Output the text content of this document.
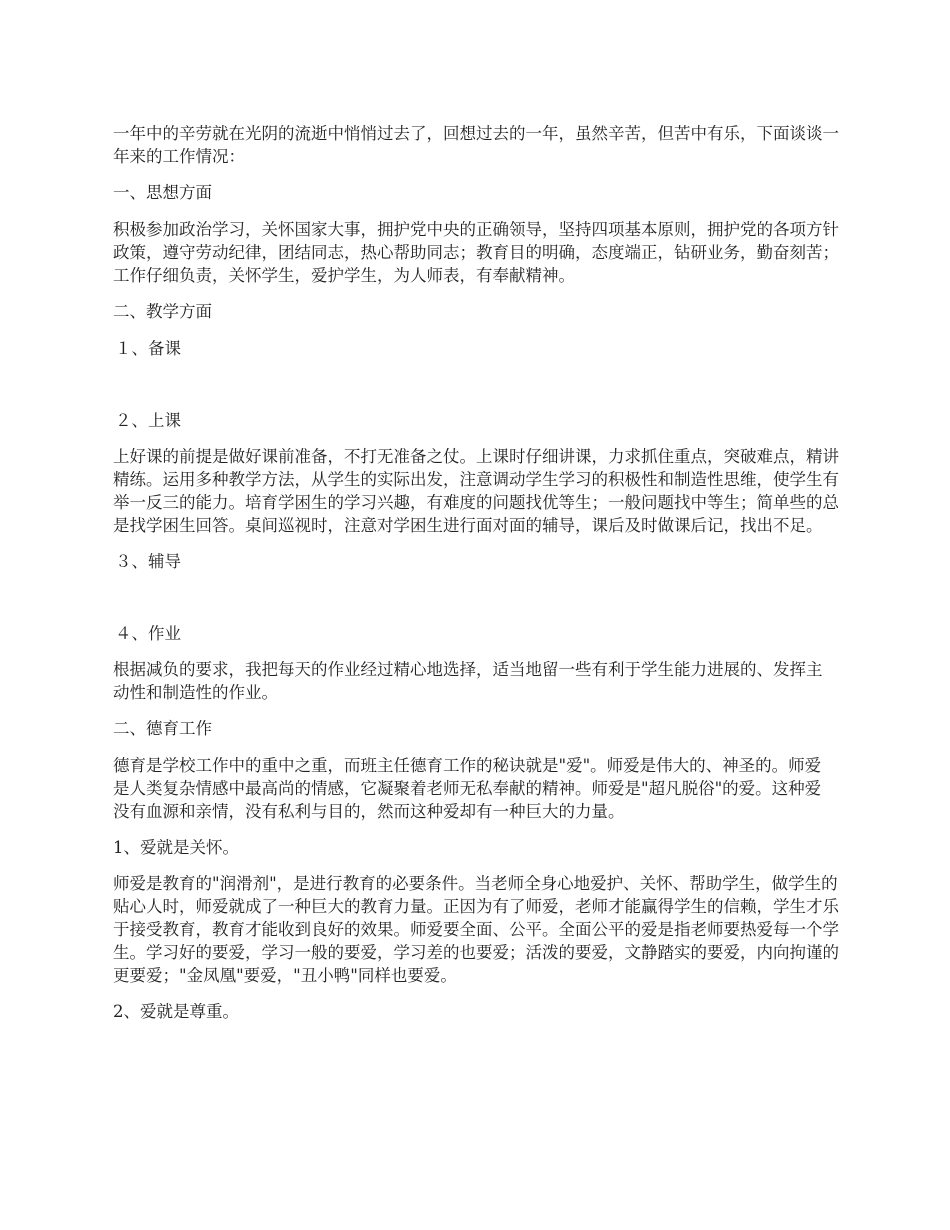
一年中的辛劳就在光阴的流逝中悄悄过去了，回想过去的一年，虽然辛苦，但苦中有乐，下面谈谈一年来的工作情况：

一、思想方面

积极参加政治学习，关怀国家大事，拥护党中央的正确领导，坚持四项基本原则，拥护党的各项方针政策，遵守劳动纪律，团结同志，热心帮助同志；教育目的明确，态度端正，钻研业务，勤奋刻苦；工作仔细负责，关怀学生，爱护学生，为人师表，有奉献精神。

二、教学方面

１、备课

２、上课

上好课的前提是做好课前准备，不打无准备之仗。上课时仔细讲课，力求抓住重点，突破难点，精讲精练。运用多种教学方法，从学生的实际出发，注意调动学生学习的积极性和制造性思维，使学生有举一反三的能力。培育学困生的学习兴趣，有难度的问题找优等生；一般问题找中等生；简单些的总是找学困生回答。桌间巡视时，注意对学困生进行面对面的辅导，课后及时做课后记，找出不足。

３、辅导

４、作业

根据减负的要求，我把每天的作业经过精心地选择，适当地留一些有利于学生能力进展的、发挥主动性和制造性的作业。

二、德育工作

德育是学校工作中的重中之重，而班主任德育工作的秘诀就是"爱"。师爱是伟大的、神圣的。师爱是人类复杂情感中最高尚的情感，它凝聚着老师无私奉献的精神。师爱是"超凡脱俗"的爱。这种爱没有血源和亲情，没有私利与目的，然而这种爱却有一种巨大的力量。

1、爱就是关怀。

师爱是教育的"润滑剂"，是进行教育的必要条件。当老师全身心地爱护、关怀、帮助学生，做学生的贴心人时，师爱就成了一种巨大的教育力量。正因为有了师爱，老师才能赢得学生的信赖，学生才乐于接受教育，教育才能收到良好的效果。师爱要全面、公平。全面公平的爱是指老师要热爱每一个学生。学习好的要爱，学习一般的要爱，学习差的也要爱；活泼的要爱，文静踏实的要爱，内向拘谨的更要爱；"金凤凰"要爱，"丑小鸭"同样也要爱。

2、爱就是尊重。
